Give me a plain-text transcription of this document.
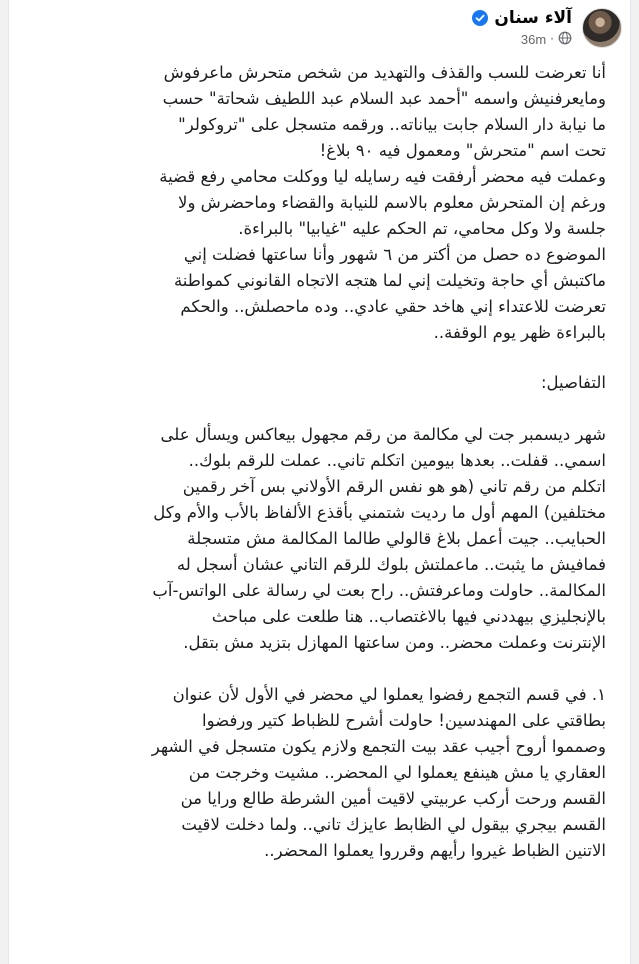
آلاء سنان
36m ·

أنا تعرضت للسب والقذف والتهديد من شخص متحرش ماعرفوش

ومايعرفنيش واسمه "أحمد عبد السلام عبد اللطيف شحاتة" حسب

ما نيابة دار السلام جابت بياناته.. ورقمه متسجل على "تروكولر"

تحت اسم "متحرش" ومعمول فيه ٩٠ بلاغ!

وعملت فيه محضر أرفقت فيه رسايله ليا ووكلت محامي رفع قضية

ورغم إن المتحرش معلوم بالاسم للنيابة والقضاء وماحضرش ولا

جلسة ولا وكل محامي، تم الحكم عليه "غيابيا" بالبراءة.

الموضوع ده حصل من أكتر من ٦ شهور وأنا ساعتها فضلت إني

ماكتبش أي حاجة وتخيلت إني لما هتجه الاتجاه القانوني كمواطنة

تعرضت للاعتداء إني هاخد حقي عادي.. وده ماحصلش.. والحكم

بالبراءة ظهر يوم الوقفة..

التفاصيل:

شهر ديسمبر جت لي مكالمة من رقم مجهول بيعاكس ويسأل على

اسمي.. قفلت.. بعدها بيومين اتكلم تاني.. عملت للرقم بلوك..

اتكلم من رقم تاني (هو هو نفس الرقم الأولاني بس آخر رقمين

مختلفين) المهم أول ما رديت شتمني بأقذع الألفاظ بالأب والأم وكل

الحبايب.. جيت أعمل بلاغ قالولي طالما المكالمة مش متسجلة

فمافيش ما يثبت.. ماعملتش بلوك للرقم التاني عشان أسجل له

المكالمة.. حاولت وماعرفتش.. راح بعت لي رسالة على الواتس-آب

بالإنجليزي بيهددني فيها بالاغتصاب.. هنا طلعت على مباحث

الإنترنت وعملت محضر.. ومن ساعتها المهازل بتزيد مش بتقل.

١. في قسم التجمع رفضوا يعملوا لي محضر في الأول لأن عنوان

بطاقتي على المهندسين! حاولت أشرح للظباط كتير ورفضوا

وصمموا أروح أجيب عقد بيت التجمع ولازم يكون متسجل في الشهر

العقاري يا مش هينفع يعملوا لي المحضر.. مشيت وخرجت من

القسم ورحت أركب عربيتي لاقيت أمين الشرطة طالع ورايا من

القسم بيجري بيقول لي الظابط عايزك تاني.. ولما دخلت لاقيت

الاتنين الظباط غيروا رأيهم وقرروا يعملوا المحضر..
